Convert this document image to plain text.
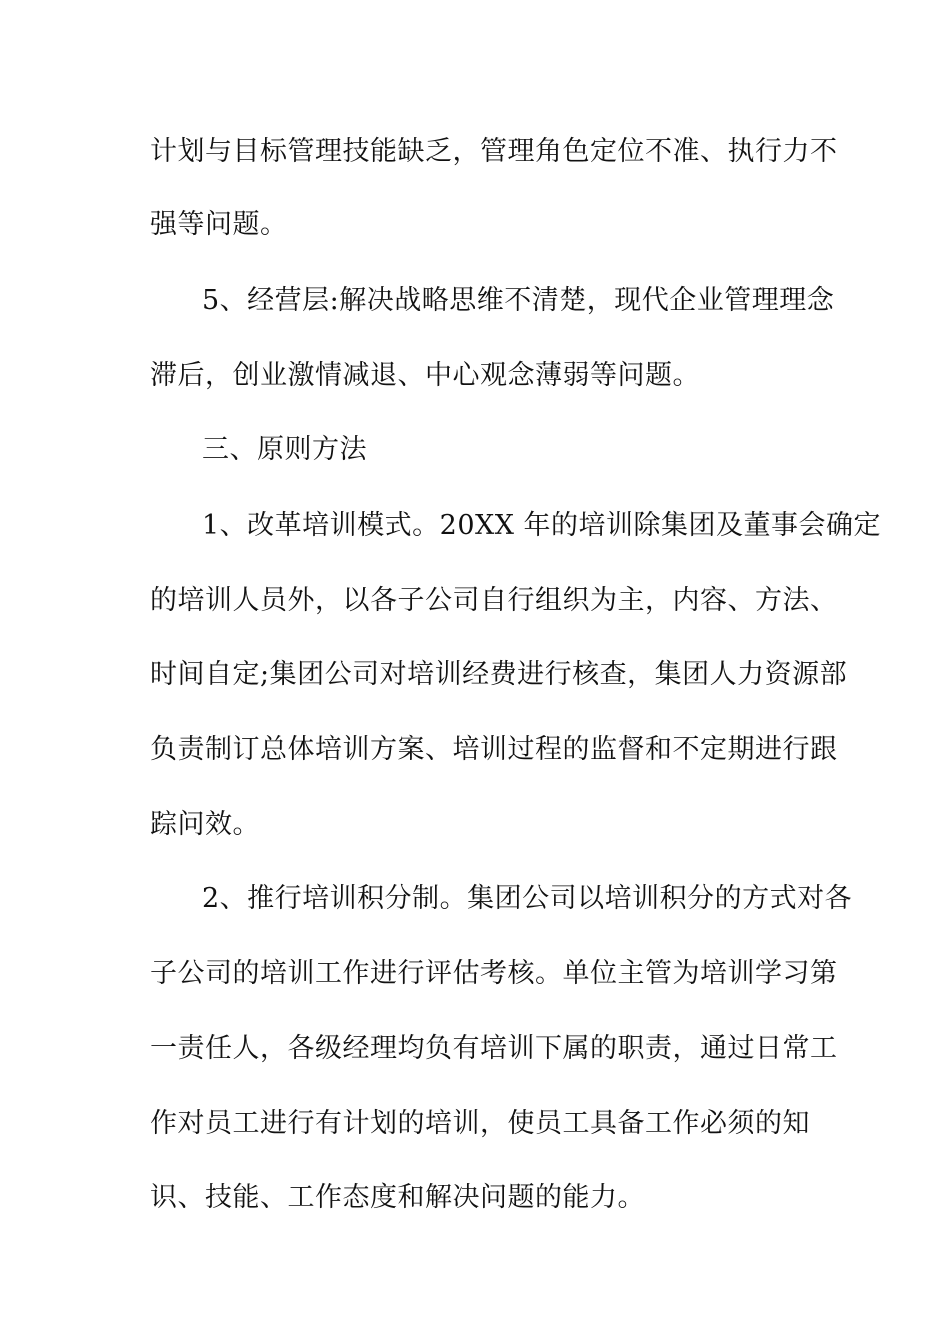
计划与目标管理技能缺乏，管理角色定位不准、执行力不
强等问题。
5、经营层:解决战略思维不清楚，现代企业管理理念
滞后，创业激情减退、中心观念薄弱等问题。
三、原则方法
1、改革培训模式。20XX 年的培训除集团及董事会确定
的培训人员外，以各子公司自行组织为主，内容、方法、
时间自定;集团公司对培训经费进行核查，集团人力资源部
负责制订总体培训方案、培训过程的监督和不定期进行跟
踪问效。
2、推行培训积分制。集团公司以培训积分的方式对各
子公司的培训工作进行评估考核。单位主管为培训学习第
一责任人，各级经理均负有培训下属的职责，通过日常工
作对员工进行有计划的培训，使员工具备工作必须的知
识、技能、工作态度和解决问题的能力。
